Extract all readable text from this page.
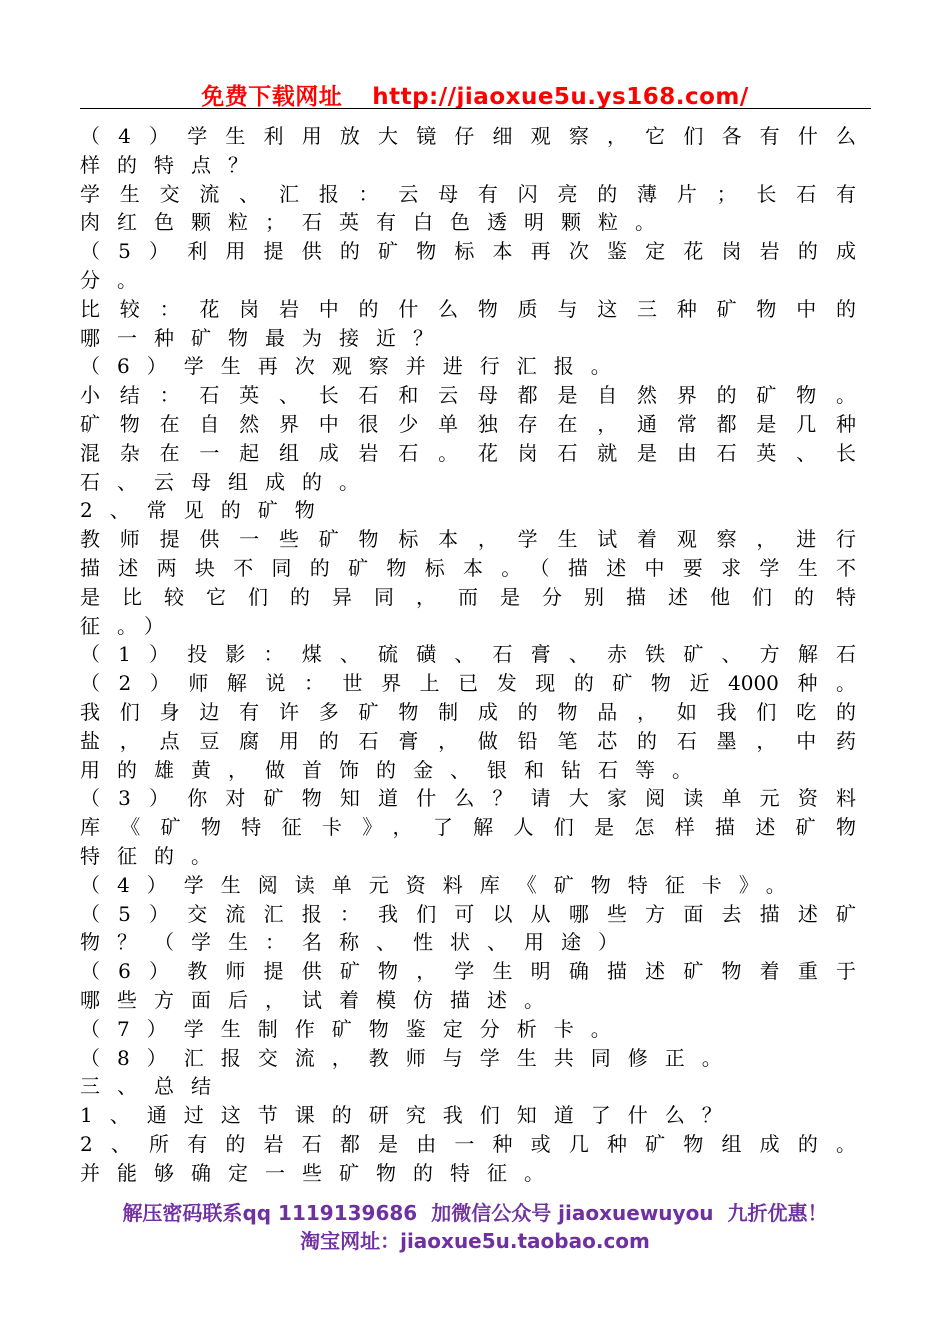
免费下载网址 http://jiaoxue5u.ys168.com/
（4）学生利用放大镜仔细观察，它们各有什么
样的特点？
学生交流、汇报：云母有闪亮的薄片；长石有
肉红色颗粒；石英有白色透明颗粒。
（5）利用提供的矿物标本再次鉴定花岗岩的成
分。
比较：花岗岩中的什么物质与这三种矿物中的
哪一种矿物最为接近？
（6）学生再次观察并进行汇报。
小结：石英、长石和云母都是自然界的矿物。
矿物在自然界中很少单独存在，通常都是几种
混杂在一起组成岩石。花岗石就是由石英、长
石、云母组成的。
2、常见的矿物
教师提供一些矿物标本，学生试着观察，进行
描述两块不同的矿物标本。（描述中要求学生不
是比较它们的异同，而是分别描述他们的特
征。）
（1）投影：煤、硫磺、石膏、赤铁矿、方解石
（2）师解说：世界上已发现的矿物近4000种。
我们身边有许多矿物制成的物品，如我们吃的
盐，点豆腐用的石膏，做铅笔芯的石墨，中药
用的雄黄，做首饰的金、银和钻石等。
（3）你对矿物知道什么？请大家阅读单元资料
库《矿物特征卡》，了解人们是怎样描述矿物
特征的。
（4）学生阅读单元资料库《矿物特征卡》。
（5）交流汇报：我们可以从哪些方面去描述矿
物？（学生：名称、性状、用途）
（6）教师提供矿物，学生明确描述矿物着重于
哪些方面后，试着模仿描述。
（7）学生制作矿物鉴定分析卡。
（8）汇报交流，教师与学生共同修正。
三、总结
1、通过这节课的研究我们知道了什么？
2、所有的岩石都是由一种或几种矿物组成的。
并能够确定一些矿物的特征。
解压密码联系qq 1119139686 加微信公众号 jiaoxuewuyou 九折优惠！
淘宝网址：jiaoxue5u.taobao.com
